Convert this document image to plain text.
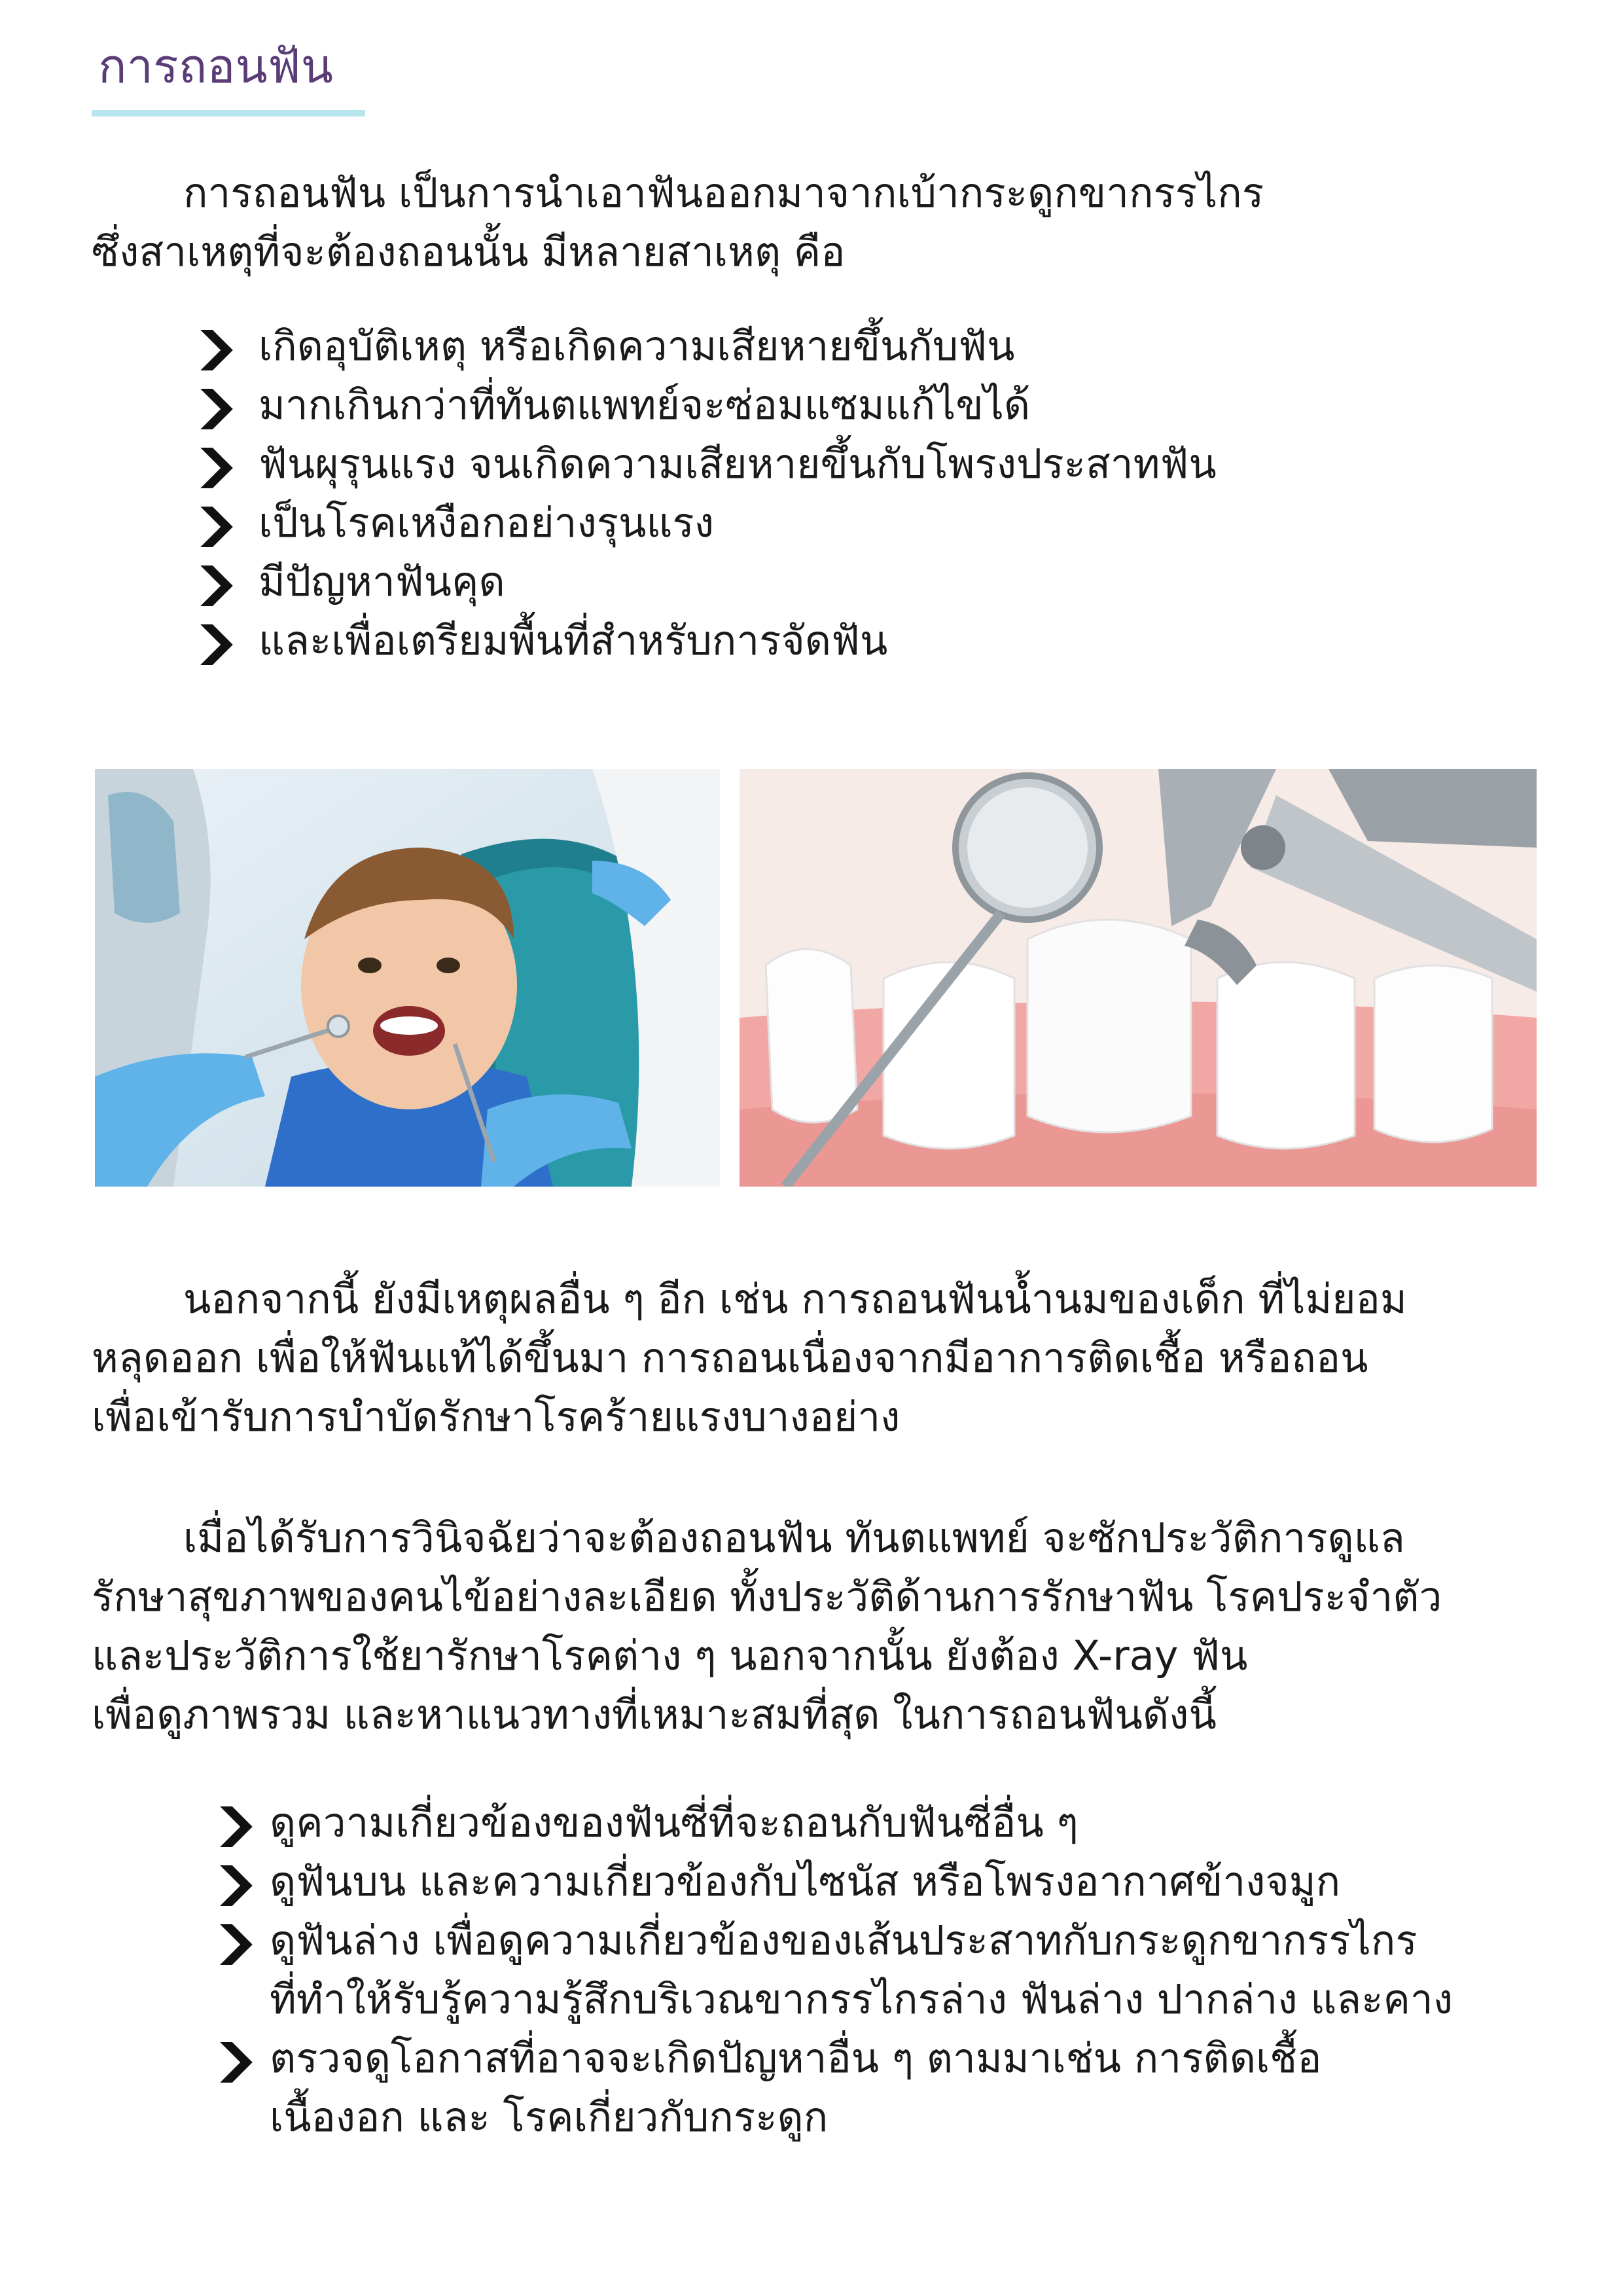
การถอนฟัน

การถอนฟัน เป็นการนำเอาฟันออกมาจากเบ้ากระดูกขากรรไกร
ซึ่งสาเหตุที่จะต้องถอนนั้น มีหลายสาเหตุ คือ

เกิดอุบัติเหตุ หรือเกิดความเสียหายขึ้นกับฟัน
มากเกินกว่าที่ทันตแพทย์จะซ่อมแซมแก้ไขได้
ฟันผุรุนแรง จนเกิดความเสียหายขึ้นกับโพรงประสาทฟัน
เป็นโรคเหงือกอย่างรุนแรง
มีปัญหาฟันคุด
และเพื่อเตรียมพื้นที่สำหรับการจัดฟัน

นอกจากนี้ ยังมีเหตุผลอื่น ๆ อีก เช่น การถอนฟันน้ำนมของเด็ก ที่ไม่ยอม
หลุดออก เพื่อให้ฟันแท้ได้ขึ้นมา การถอนเนื่องจากมีอาการติดเชื้อ หรือถอน
เพื่อเข้ารับการบำบัดรักษาโรคร้ายแรงบางอย่าง

เมื่อได้รับการวินิจฉัยว่าจะต้องถอนฟัน ทันตแพทย์ จะซักประวัติการดูแล
รักษาสุขภาพของคนไข้อย่างละเอียด ทั้งประวัติด้านการรักษาฟัน โรคประจำตัว
และประวัติการใช้ยารักษาโรคต่าง ๆ นอกจากนั้น ยังต้อง X-ray ฟัน
เพื่อดูภาพรวม และหาแนวทางที่เหมาะสมที่สุด ในการถอนฟันดังนี้

ดูความเกี่ยวข้องของฟันซี่ที่จะถอนกับฟันซี่อื่น ๆ
ดูฟันบน และความเกี่ยวข้องกับไซนัส หรือโพรงอากาศข้างจมูก
ดูฟันล่าง เพื่อดูความเกี่ยวข้องของเส้นประสาทกับกระดูกขากรรไกร
ที่ทำให้รับรู้ความรู้สึกบริเวณขากรรไกรล่าง ฟันล่าง ปากล่าง และคาง
ตรวจดูโอกาสที่อาจจะเกิดปัญหาอื่น ๆ ตามมาเช่น การติดเชื้อ
เนื้องอก และ โรคเกี่ยวกับกระดูก
